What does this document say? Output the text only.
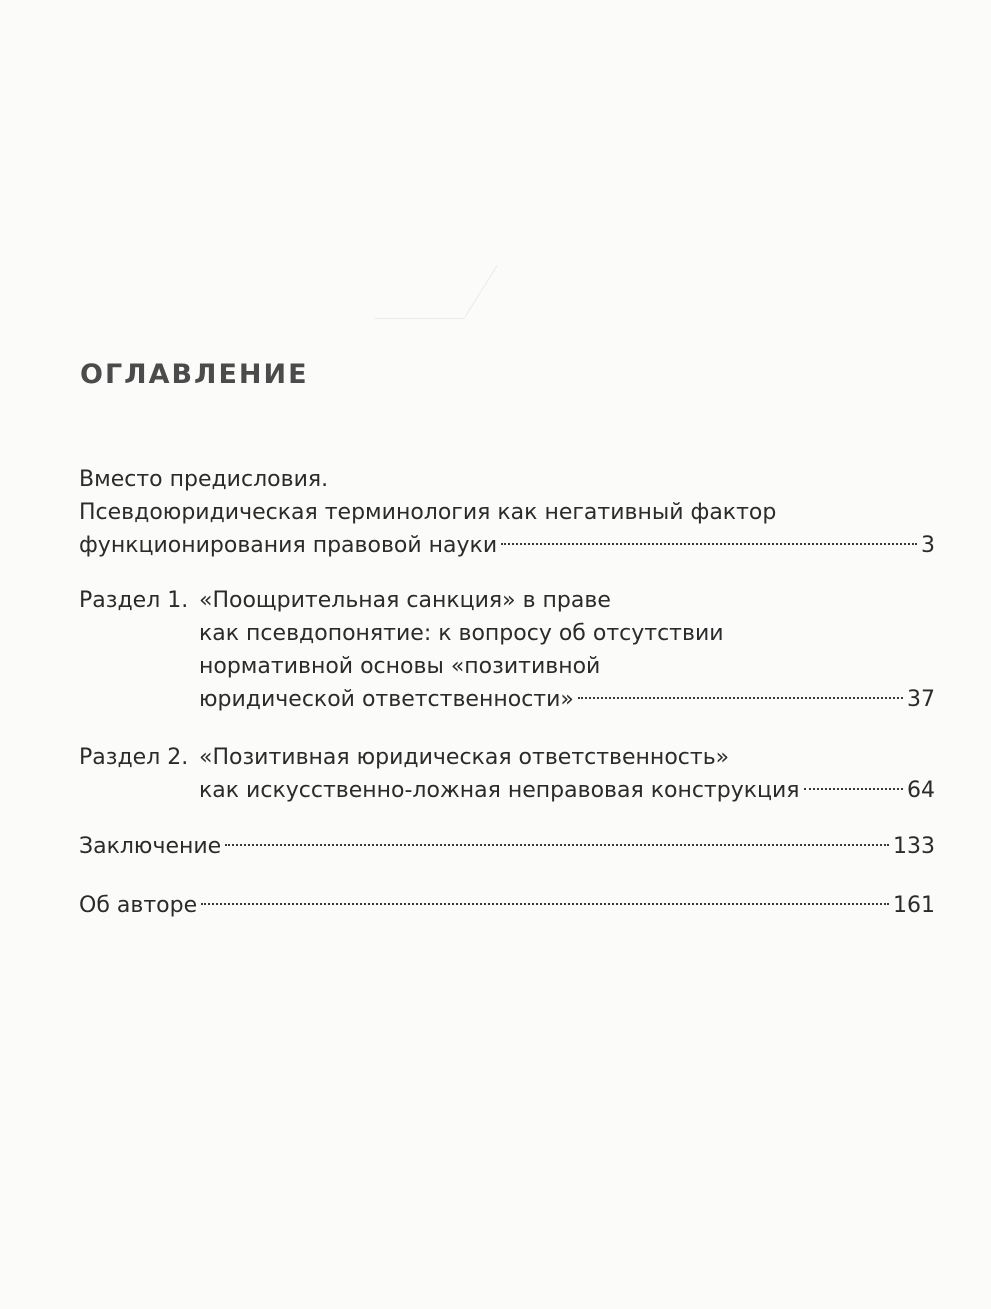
ОГЛАВЛЕНИЕ
Вместо предисловия.
Псевдоюридическая терминология как негативный фактор
функционирования правовой науки	3
Раздел 1. «Поощрительная санкция» в праве
как псевдопонятие: к вопросу об отсутствии
нормативной основы «позитивной
юридической ответственности»	37
Раздел 2. «Позитивная юридическая ответственность»
как искусственно-ложная неправовая конструкция	64
Заключение	133
Об авторе	161
